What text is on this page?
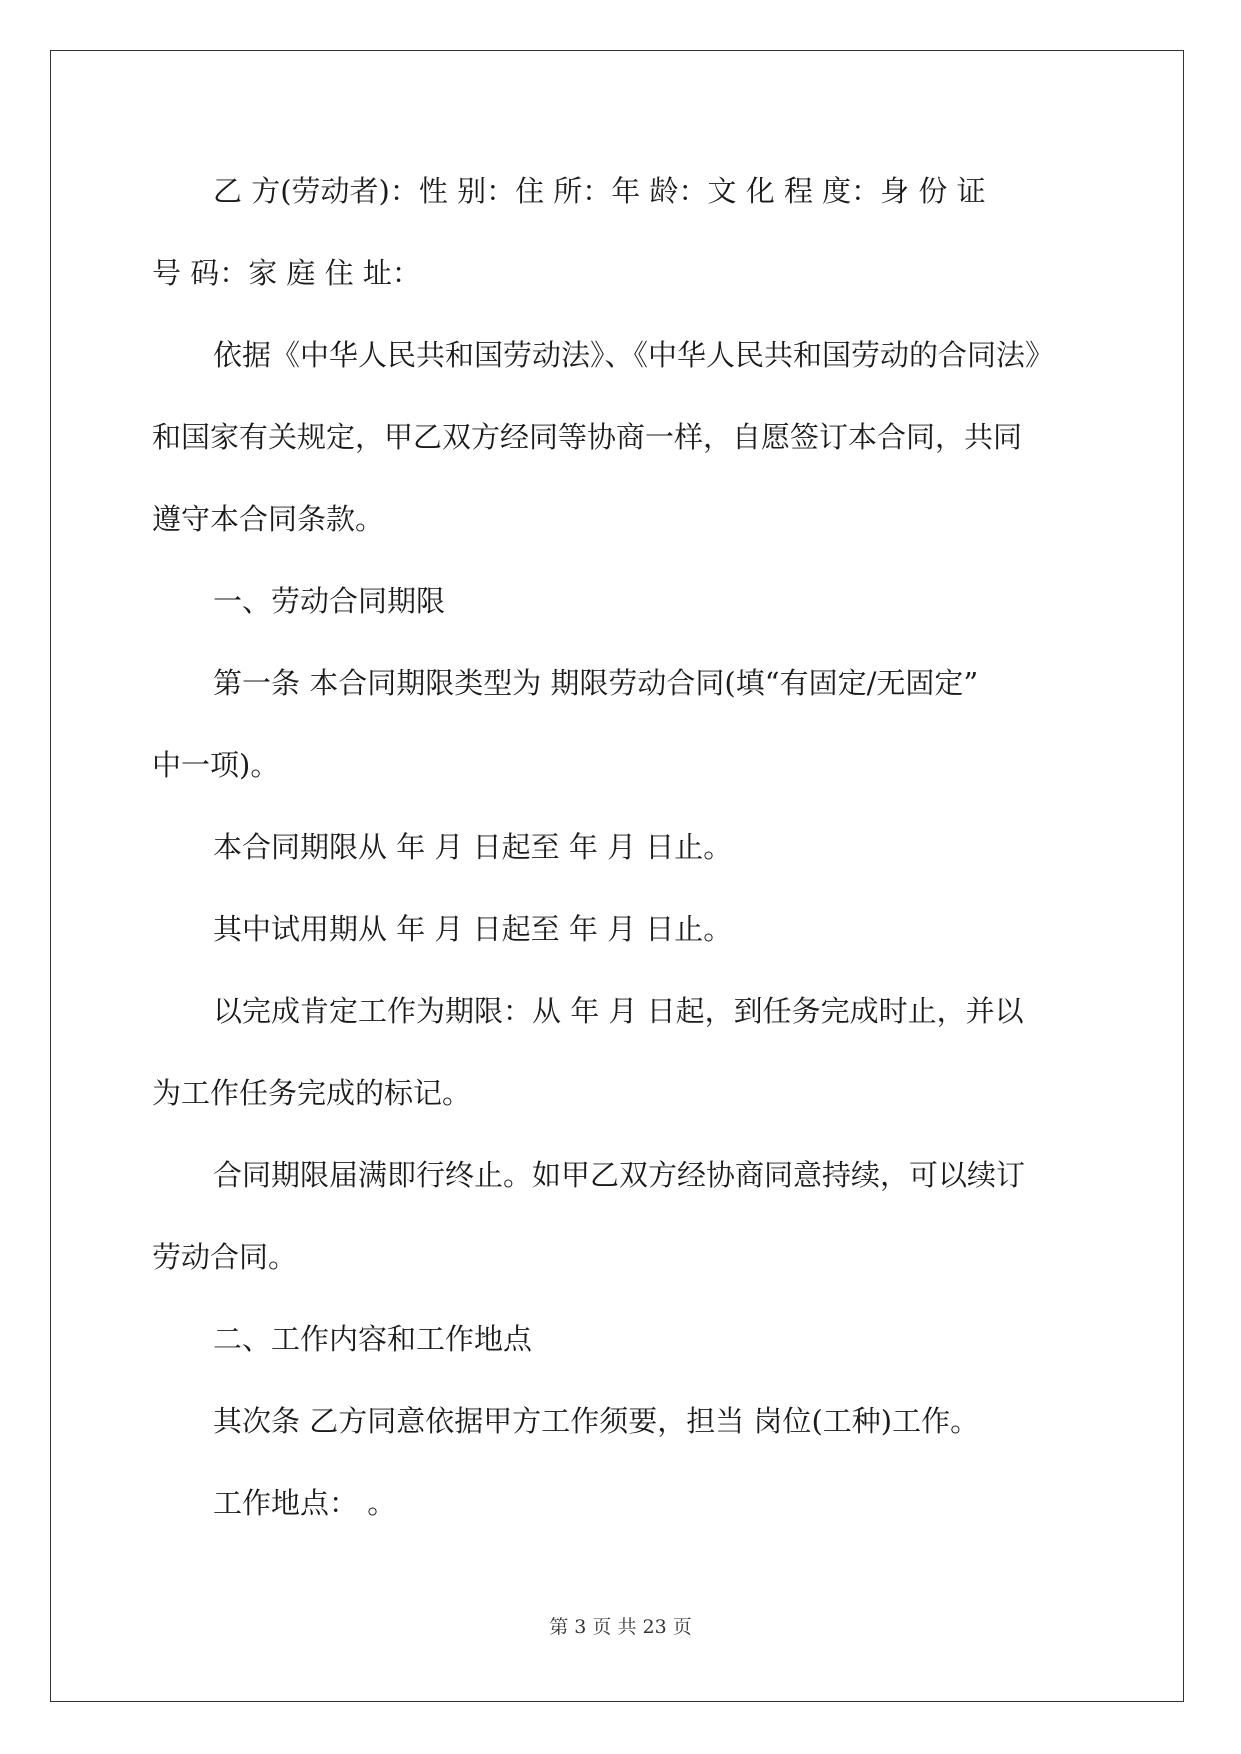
乙 方(劳动者)：性 别：住 所：年 龄：文 化 程 度：身 份 证

号 码：家 庭 住 址：

依据《中华人民共和国劳动法》、《中华人民共和国劳动的合同法》

和国家有关规定，甲乙双方经同等协商一样，自愿签订本合同，共同

遵守本合同条款。

一、劳动合同期限

第一条 本合同期限类型为 期限劳动合同(填“有固定/无固定”

中一项)。

本合同期限从 年 月 日起至 年 月 日止。

其中试用期从 年 月 日起至 年 月 日止。

以完成肯定工作为期限：从 年 月 日起，到任务完成时止，并以

为工作任务完成的标记。

合同期限届满即行终止。如甲乙双方经协商同意持续，可以续订

劳动合同。

二、工作内容和工作地点

其次条 乙方同意依据甲方工作须要，担当 岗位(工种)工作。

工作地点： 。

第 3 页 共 23 页
